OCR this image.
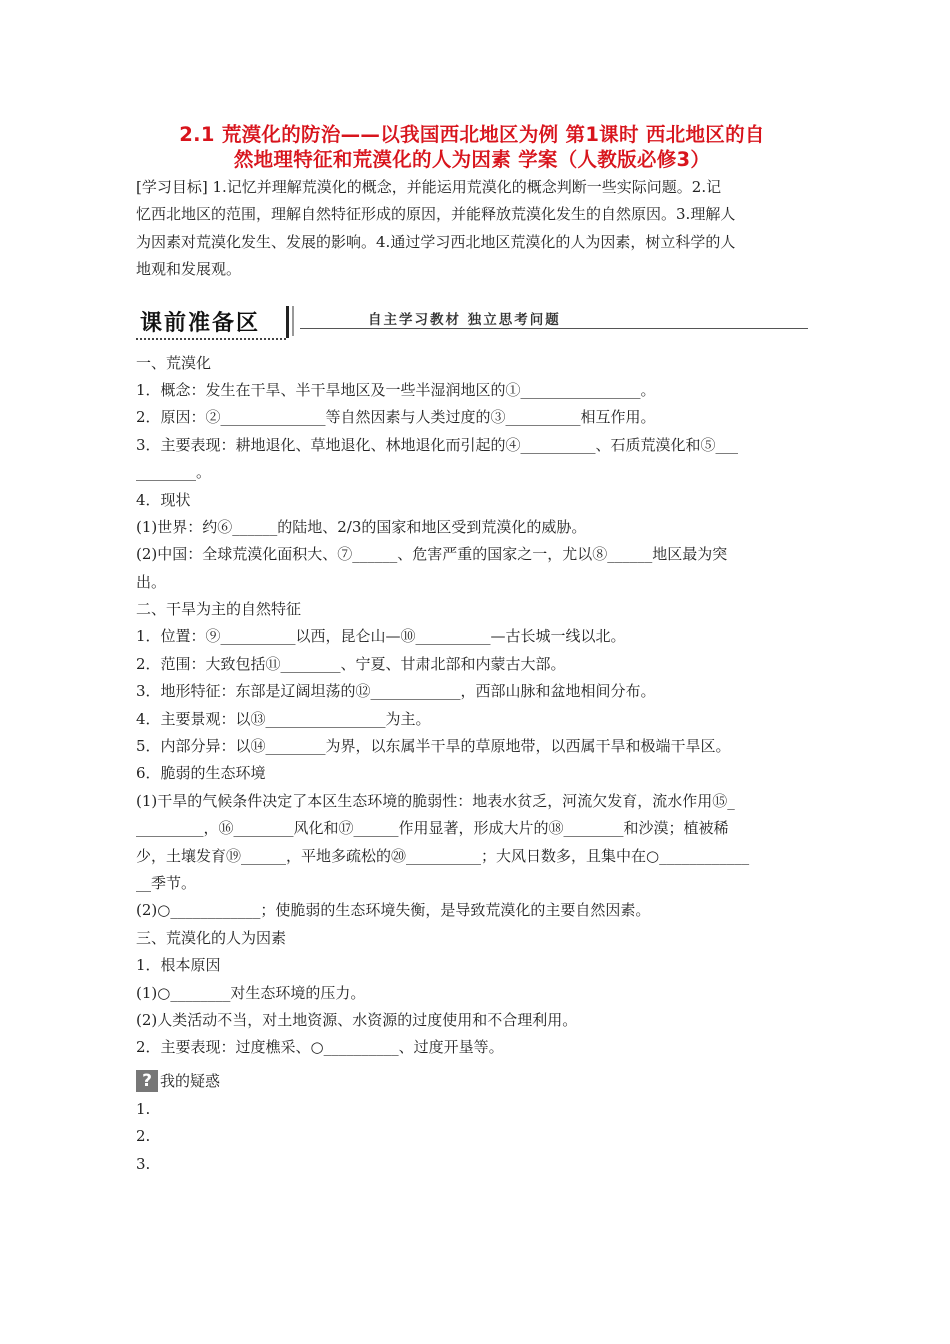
2.1 荒漠化的防治——以我国西北地区为例 第1课时 西北地区的自
然地理特征和荒漠化的人为因素 学案（人教版必修3）
[学习目标] 1.记忆并理解荒漠化的概念，并能运用荒漠化的概念判断一些实际问题。2.记
忆西北地区的范围，理解自然特征形成的原因，并能释放荒漠化发生的自然原因。3.理解人
为因素对荒漠化发生、发展的影响。4.通过学习西北地区荒漠化的人为因素，树立科学的人
地观和发展观。
课前准备区	自主学习教材 独立思考问题
一、荒漠化
1．概念：发生在干旱、半干旱地区及一些半湿润地区的①________________。
2．原因：②______________等自然因素与人类过度的③__________相互作用。
3．主要表现：耕地退化、草地退化、林地退化而引起的④__________、石质荒漠化和⑤___
________。
4．现状
(1)世界：约⑥______的陆地、2/3的国家和地区受到荒漠化的威胁。
(2)中国：全球荒漠化面积大、⑦______、危害严重的国家之一，尤以⑧______地区最为突
出。
二、干旱为主的自然特征
1．位置：⑨__________以西，昆仑山—⑩__________—古长城一线以北。
2．范围：大致包括⑪________、宁夏、甘肃北部和内蒙古大部。
3．地形特征：东部是辽阔坦荡的⑫____________，西部山脉和盆地相间分布。
4．主要景观：以⑬________________为主。
5．内部分异：以⑭________为界，以东属半干旱的草原地带，以西属干旱和极端干旱区。
6．脆弱的生态环境
(1)干旱的气候条件决定了本区生态环境的脆弱性：地表水贫乏，河流欠发育，流水作用⑮_
_________，⑯________风化和⑰______作用显著，形成大片的⑱________和沙漠；植被稀
少，土壤发育⑲______，平地多疏松的⑳__________；大风日数多，且集中在○____________
__季节。
(2)○____________；使脆弱的生态环境失衡，是导致荒漠化的主要自然因素。
三、荒漠化的人为因素
1．根本原因
(1)○________对生态环境的压力。
(2)人类活动不当，对土地资源、水资源的过度使用和不合理利用。
2．主要表现：过度樵采、○__________、过度开垦等。
? 我的疑惑
1.
2.
3.
